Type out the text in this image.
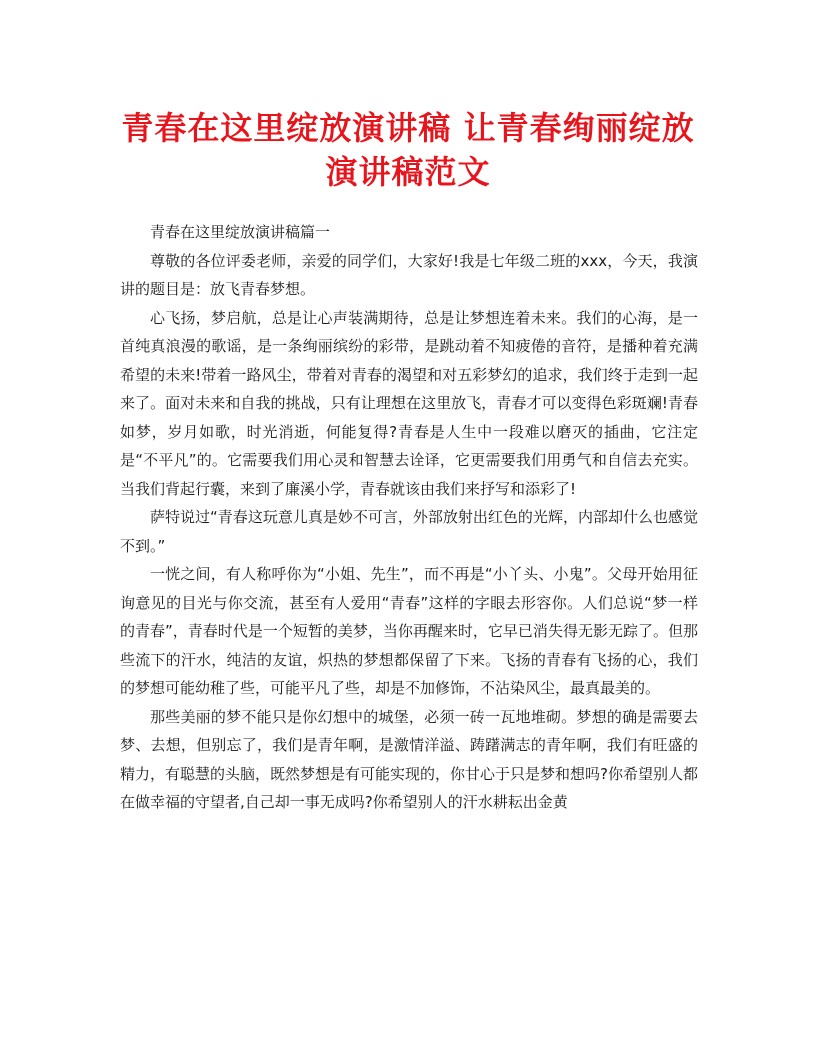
青春在这里绽放演讲稿 让青春绚丽绽放
演讲稿范文

青春在这里绽放演讲稿篇一

尊敬的各位评委老师，亲爱的同学们，大家好!我是七年级二班的xxx，今天，我演讲的题目是：放飞青春梦想。

心飞扬，梦启航，总是让心声装满期待，总是让梦想连着未来。我们的心海，是一首纯真浪漫的歌谣，是一条绚丽缤纷的彩带，是跳动着不知疲倦的音符，是播种着充满希望的未来!带着一路风尘，带着对青春的渴望和对五彩梦幻的追求，我们终于走到一起来了。面对未来和自我的挑战，只有让理想在这里放飞，青春才可以变得色彩斑斓!青春如梦，岁月如歌，时光消逝，何能复得?青春是人生中一段难以磨灭的插曲，它注定是“不平凡”的。它需要我们用心灵和智慧去诠译，它更需要我们用勇气和自信去充实。当我们背起行囊，来到了廉溪小学，青春就该由我们来抒写和添彩了!

萨特说过“青春这玩意儿真是妙不可言，外部放射出红色的光辉，内部却什么也感觉不到。”

一恍之间，有人称呼你为“小姐、先生”，而不再是“小丫头、小鬼”。父母开始用征询意见的目光与你交流，甚至有人爱用“青春”这样的字眼去形容你。人们总说“梦一样的青春”，青春时代是一个短暂的美梦，当你再醒来时，它早已消失得无影无踪了。但那些流下的汗水，纯洁的友谊，炽热的梦想都保留了下来。飞扬的青春有飞扬的心，我们的梦想可能幼稚了些，可能平凡了些，却是不加修饰，不沾染风尘，最真最美的。

那些美丽的梦不能只是你幻想中的城堡，必须一砖一瓦地堆砌。梦想的确是需要去梦、去想，但别忘了，我们是青年啊，是激情洋溢、踌躇满志的青年啊，我们有旺盛的精力，有聪慧的头脑，既然梦想是有可能实现的，你甘心于只是梦和想吗?你希望别人都在做幸福的守望者,自己却一事无成吗?你希望别人的汗水耕耘出金黄
